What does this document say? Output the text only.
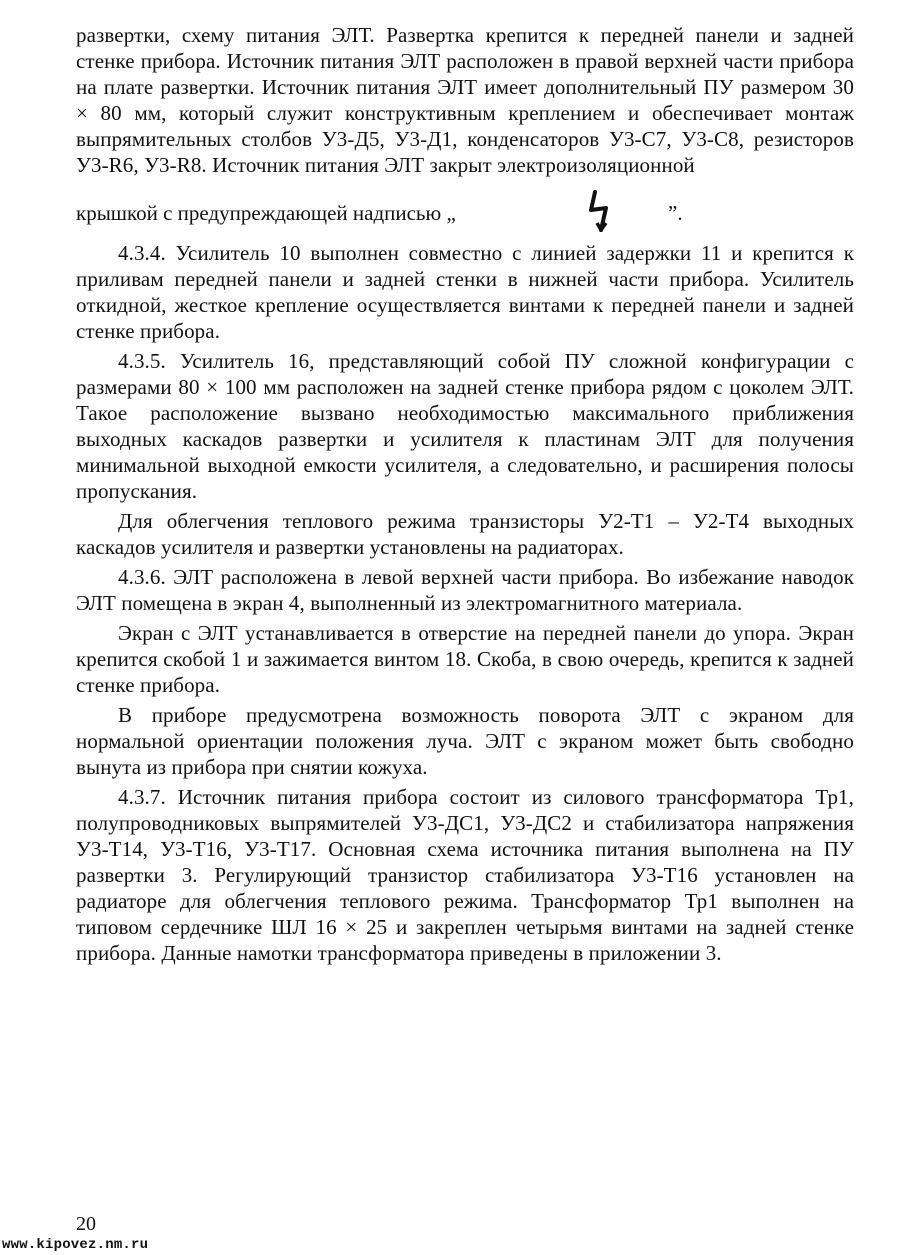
развертки, схему питания ЭЛТ. Развертка крепится к передней панели и задней стенке прибора. Источник питания ЭЛТ расположен в правой верхней части прибора на плате развертки. Источник питания ЭЛТ имеет дополнительный ПУ размером 30 × 80 мм, который служит конструктивным креплением и обеспечивает монтаж выпрямительных столбов У3-Д5, У3-Д1, конденсаторов У3-С7, У3-С8, резисторов У3-R6, У3-R8. Источник питания ЭЛТ закрыт электроизоляционной

крышкой с предупреждающей надписью „	”.

4.3.4. Усилитель 10 выполнен совместно с линией задержки 11 и крепится к приливам передней панели и задней стенки в нижней части прибора. Усилитель откидной, жесткое крепление осуществляется винтами к передней панели и задней стенке прибора.

4.3.5. Усилитель 16, представляющий собой ПУ сложной конфигурации с размерами 80 × 100 мм расположен на задней стенке прибора рядом с цоколем ЭЛТ. Такое расположение вызвано необходимостью максимального приближения выходных каскадов развертки и усилителя к пластинам ЭЛТ для получения минимальной выходной емкости усилителя, а следовательно, и расширения полосы пропускания.

Для облегчения теплового режима транзисторы У2-Т1 – У2-Т4 выходных каскадов усилителя и развертки установлены на радиаторах.

4.3.6. ЭЛТ расположена в левой верхней части прибора. Во избежание наводок ЭЛТ помещена в экран 4, выполненный из электромагнитного материала.

Экран с ЭЛТ устанавливается в отверстие на передней панели до упора. Экран крепится скобой 1 и зажимается винтом 18. Скоба, в свою очередь, крепится к задней стенке прибора.

В приборе предусмотрена возможность поворота ЭЛТ с экраном для нормальной ориентации положения луча. ЭЛТ с экраном может быть свободно вынута из прибора при снятии кожуха.

4.3.7. Источник питания прибора состоит из силового трансформатора Тр1, полупроводниковых выпрямителей У3-ДС1, У3-ДС2 и стабилизатора напряжения У3-Т14, У3-Т16, У3-Т17. Основная схема источника питания выполнена на ПУ развертки 3. Регулирующий транзистор стабилизатора У3-Т16 установлен на радиаторе для облегчения теплового режима. Трансформатор Тр1 выполнен на типовом сердечнике ШЛ 16 × 25 и закреплен четырьмя винтами на задней стенке прибора. Данные намотки трансформатора приведены в приложении 3.

20
www.kipovez.nm.ru
